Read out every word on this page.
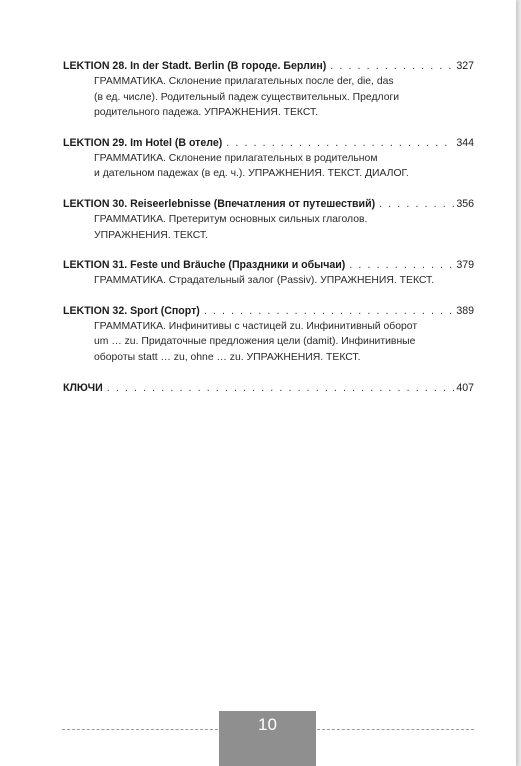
LEKTION 28. In der Stadt. Berlin (В городе. Берлин) . . .	327
ГРАММАТИКА. Склонение прилагательных после der, die, das
(в ед. числе). Родительный падеж существительных. Предлоги
родительного падежа. УПРАЖНЕНИЯ. ТЕКСТ.
LEKTION 29. Im Hotel (В отеле) . . .	344
ГРАММАТИКА. Склонение прилагательных в родительном
и дательном падежах (в ед. ч.). УПРАЖНЕНИЯ. ТЕКСТ. ДИАЛОГ.
LEKTION 30. Reiseerlebnisse (Впечатления от путешествий) . . .	356
ГРАММАТИКА. Претеритум основных сильных глаголов.
УПРАЖНЕНИЯ. ТЕКСТ.
LEKTION 31. Feste und Bräuche (Праздники и обычаи) . . .	379
ГРАММАТИКА. Страдательный залог (Passiv). УПРАЖНЕНИЯ. ТЕКСТ.
LEKTION 32. Sport (Спорт) . . .	389
ГРАММАТИКА. Инфинитивы с частицей zu. Инфинитивный оборот
um … zu. Придаточные предложения цели (damit). Инфинитивные
обороты statt … zu, ohne … zu. УПРАЖНЕНИЯ. ТЕКСТ.
КЛЮЧИ . . .	407
10
